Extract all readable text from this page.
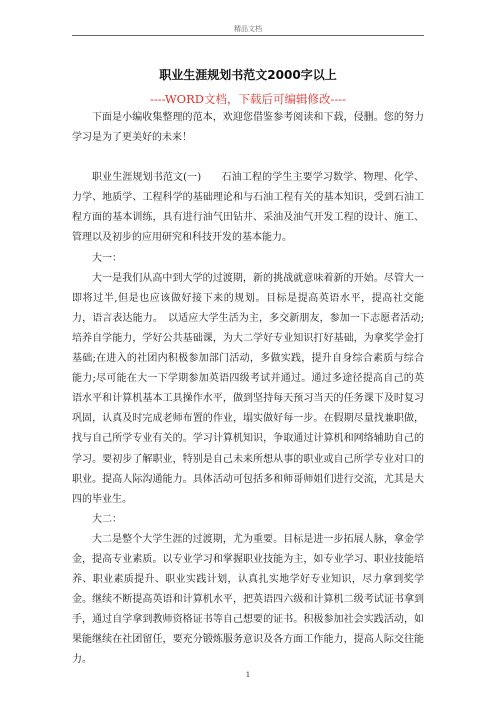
精品文档
职业生涯规划书范文2000字以上
----WORD文档，下载后可编辑修改----

下面是小编收集整理的范本，欢迎您借鉴参考阅读和下载，侵删。您的努力学习是为了更美好的未来！

职业生涯规划书范文(一)　　石油工程的学生主要学习数学、物理、化学、力学、地质学、工程科学的基础理论和与石油工程有关的基本知识，受到石油工程方面的基本训练，具有进行油气田钻井、采油及油气开发工程的设计、施工、管理以及初步的应用研究和科技开发的基本能力。

大一：

大一是我们从高中到大学的过渡期，新的挑战就意味着新的开始。尽管大一即将过半,但是也应该做好接下来的规划。目标是提高英语水平，提高社交能力，语言表达能力。　以适应大学生活为主，多交新朋友，参加一下志愿者活动;培养自学能力，学好公共基础课，为大二学好专业知识打好基础，为拿奖学金打基础;在进入的社团内积极参加部门活动，多做实践，提升自身综合素质与综合能力;尽可能在大一下学期参加英语四级考试并通过。通过多途径提高自己的英语水平和计算机基本工具操作水平，做到坚持每天预习当天的任务课下及时复习巩固，认真及时完成老师布置的作业，塌实做好每一步。在假期尽量找兼职做，找与自己所学专业有关的。学习计算机知识，争取通过计算机和网络辅助自己的学习。要初步了解职业，特别是自己未来所想从事的职业或自己所学专业对口的职业。提高人际沟通能力。具体活动可包括多和师哥师姐们进行交流，尤其是大四的毕业生。

大二：

大二是整个大学生涯的过渡期，尤为重要。目标是进一步拓展人脉，拿金学金，提高专业素质。以专业学习和掌握职业技能为主，如专业学习、职业技能培养、职业素质提升、职业实践计划，认真扎实地学好专业知识，尽力拿到奖学金。继续不断提高英语和计算机水平，把英语四六级和计算机二级考试证书拿到手，通过自学拿到教师资格证书等自己想要的证书。积极参加社会实践活动，如果能继续在社团留任，要充分锻炼服务意识及各方面工作能力，提高人际交往能力。

1
